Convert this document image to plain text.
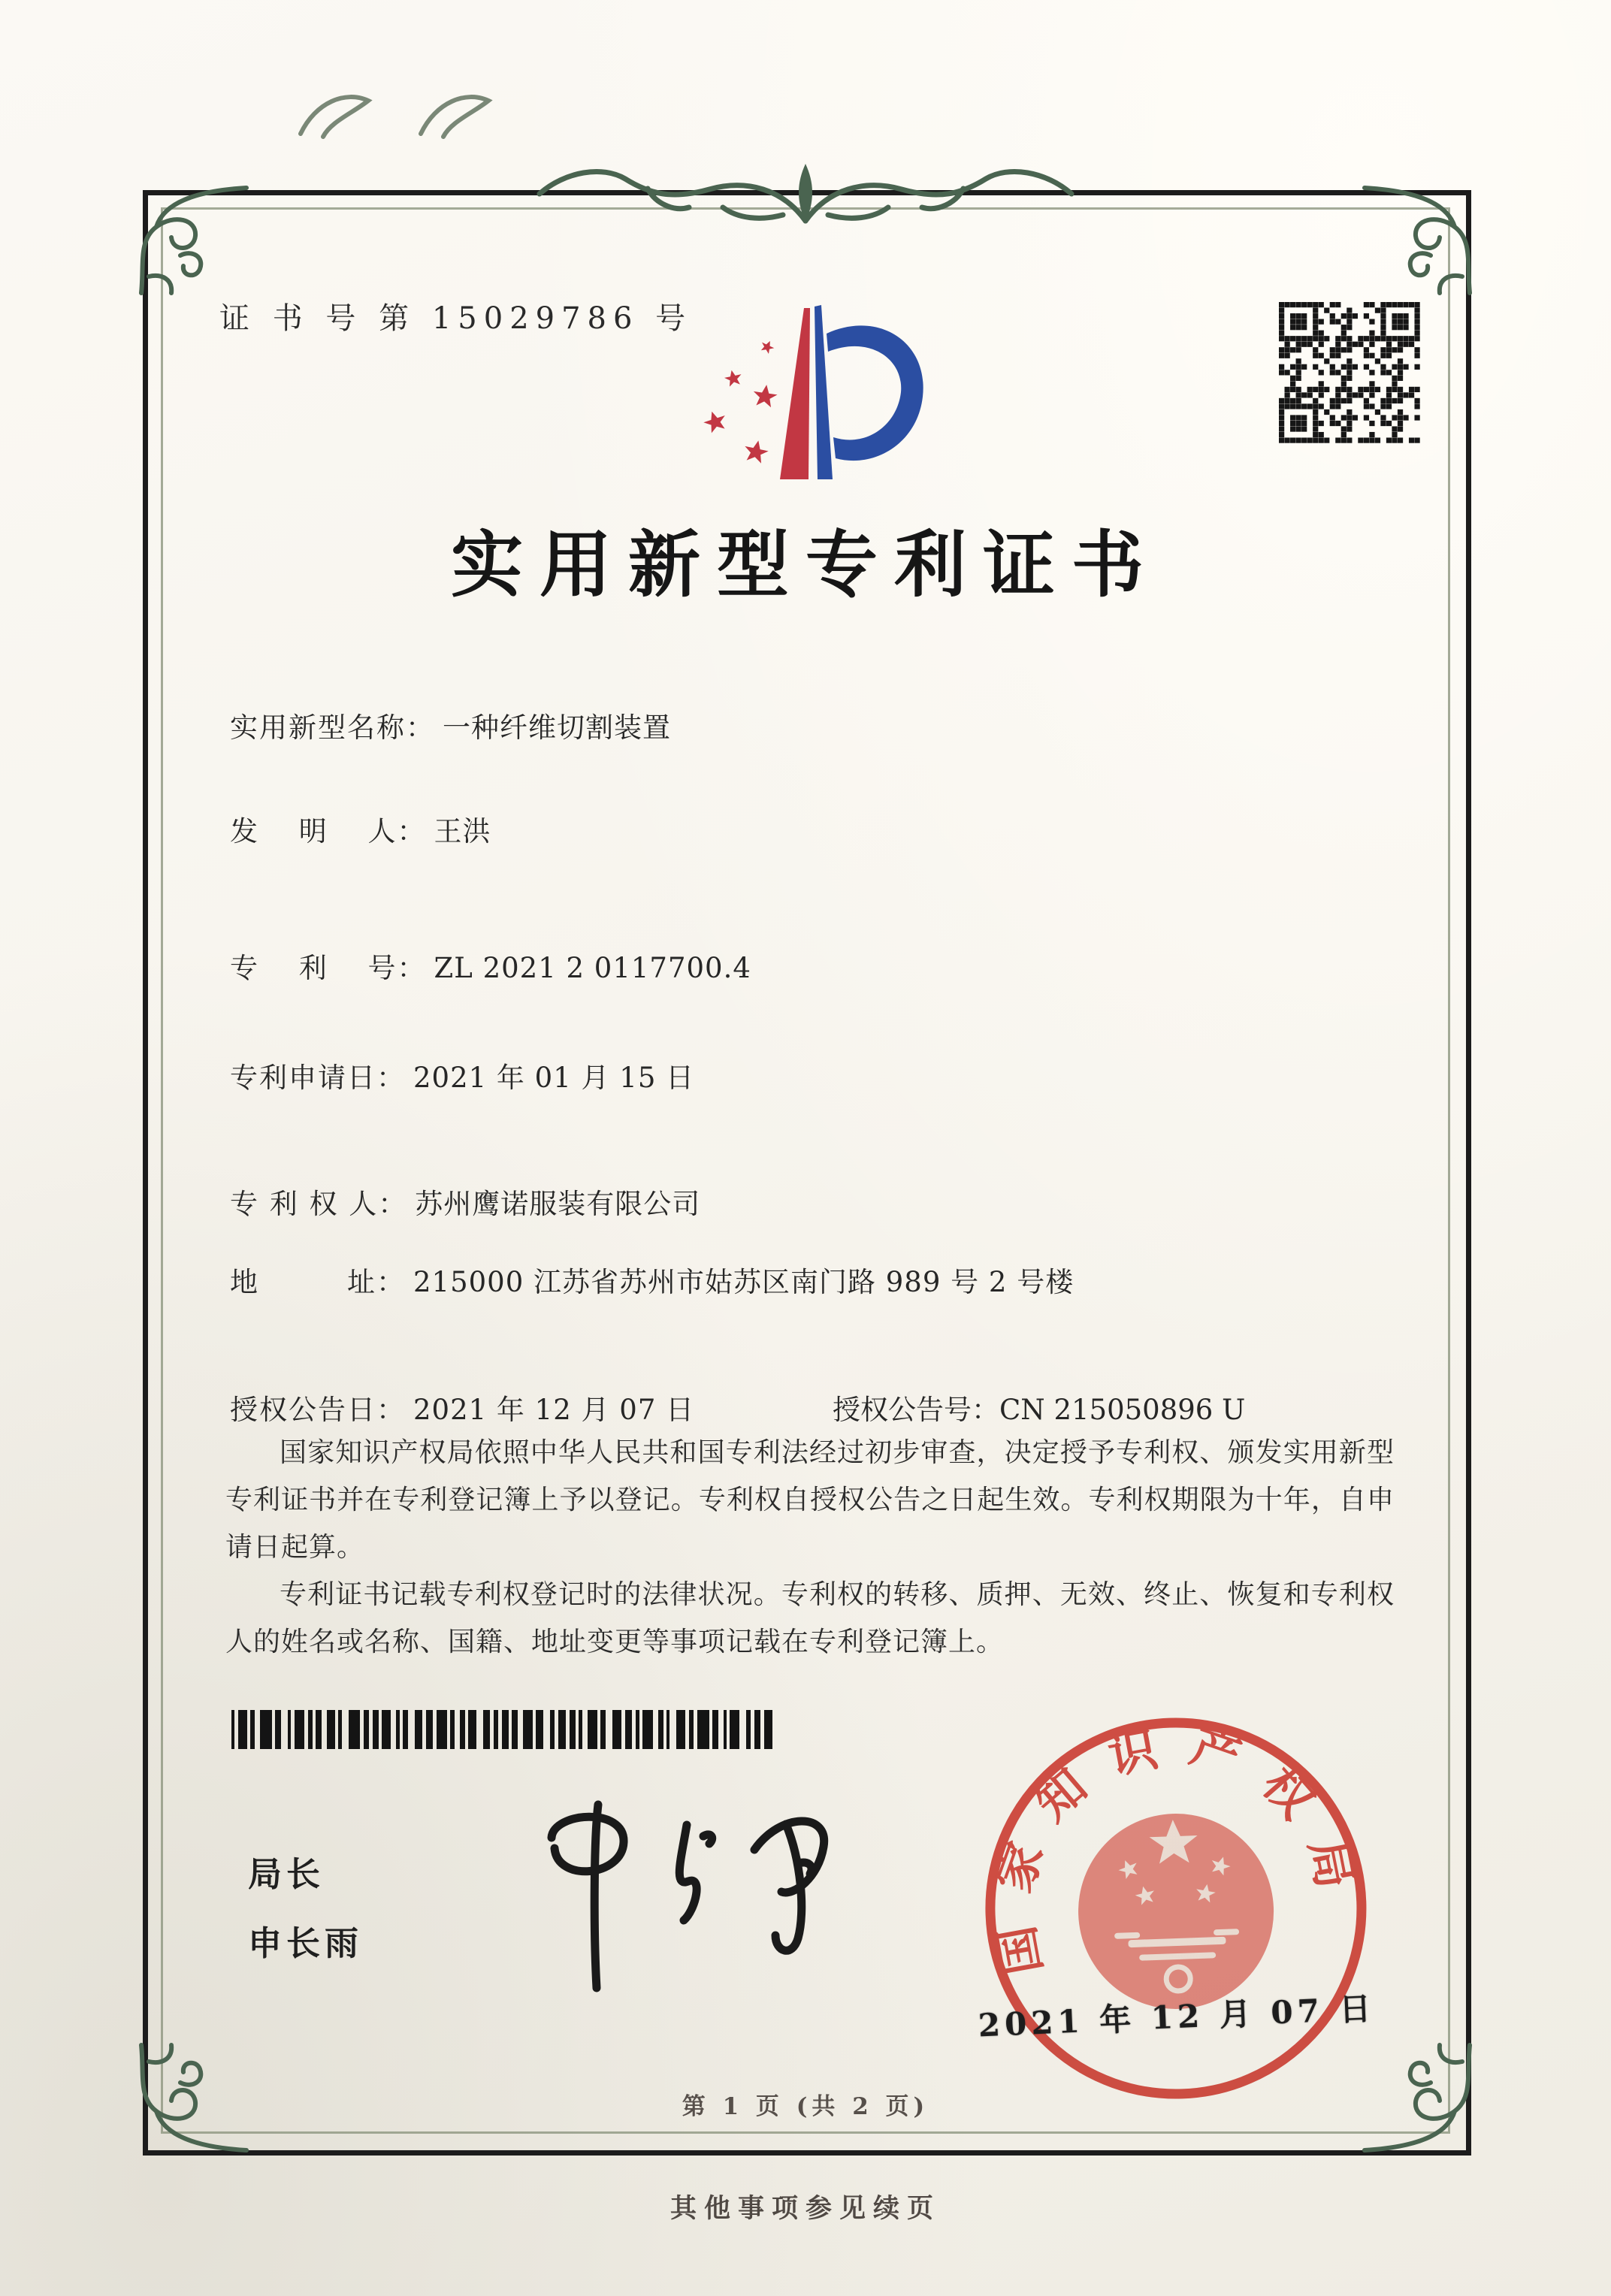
证 书 号 第 15029786 号
实用新型专利证书
实用新型名称： 一种纤维切割装置
发　 明　 人： 王洪
专　 利　 号： ZL 2021 2 0117700.4
专利申请日： 2021 年 01 月 15 日
专 利 权 人： 苏州鹰诺服装有限公司
地　　　址： 215000 江苏省苏州市姑苏区南门路 989 号 2 号楼
授权公告日： 2021 年 12 月 07 日	授权公告号：CN 215050896 U

国家知识产权局依照中华人民共和国专利法经过初步审查，决定授予专利权、颁发实用新型专利证书并在专利登记簿上予以登记。专利权自授权公告之日起生效。专利权期限为十年，自申请日起算。

专利证书记载专利权登记时的法律状况。专利权的转移、质押、无效、终止、恢复和专利权人的姓名或名称、国籍、地址变更等事项记载在专利登记簿上。

局长
申长雨	国家知识产权局
2021 年 12 月 07 日
第 1 页 (共 2 页)
其他事项参见续页
